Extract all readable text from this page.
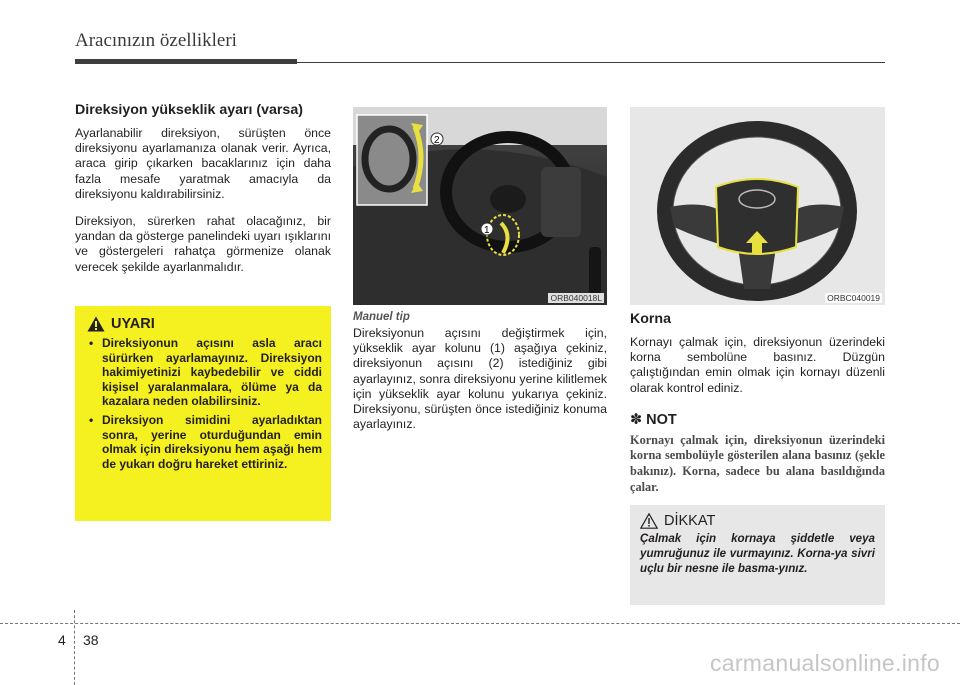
Aracınızın özellikleri
Direksiyon yükseklik ayarı (varsa)

Ayarlanabilir direksiyon, sürüşten önce direksiyonu ayarlamanıza olanak verir. Ayrıca, araca girip çıkarken bacaklarınız için daha fazla mesafe yaratmak amacıyla da direksiyonu kaldırabilirsiniz.

Direksiyon, sürerken rahat olacağınız, bir yandan da gösterge panelindeki uyarı ışıklarını ve göstergeleri rahatça görmenize olanak verecek şekilde ayarlanmalıdır.

UYARI
• Direksiyonun açısını asla aracı sürürken ayarlamayınız. Direksiyon hakimiyetinizi kaybedebilir ve ciddi kişisel yaralanmalara, ölüme ya da kazalara neden olabilirsiniz.
• Direksiyon simidini ayarladıktan sonra, yerine oturduğundan emin olmak için direksiyonu hem aşağı hem de yukarı doğru hareket ettiriniz.
2
1
ORB040018L	ORBC040019

Manuel tip

Direksiyonun açısını değiştirmek için, yükseklik ayar kolunu (1) aşağıya çekiniz, direksiyonun açısını (2) istediğiniz gibi ayarlayınız, sonra direksiyonu yerine kilitlemek için yükseklik ayar kolunu yukarıya çekiniz. Direksiyonu, sürüşten önce istediğiniz konuma ayarlayınız.

Korna

Kornayı çalmak için, direksiyonun üzerindeki korna sembolüne basınız. Düzgün çalıştığından emin olmak için kornayı düzenli olarak kontrol ediniz.

✽ NOT

Kornayı çalmak için, direksiyonun üzerindeki korna sembolüyle gösterilen alana basınız (şekle bakınız). Korna, sadece bu alana basıldığında çalar.

DİKKAT

Çalmak için kornaya şiddetle veya yumruğunuz ile vurmayınız. Korna-ya sivri uçlu bir nesne ile basma-yınız.

4 38
carmanualsonline.info
